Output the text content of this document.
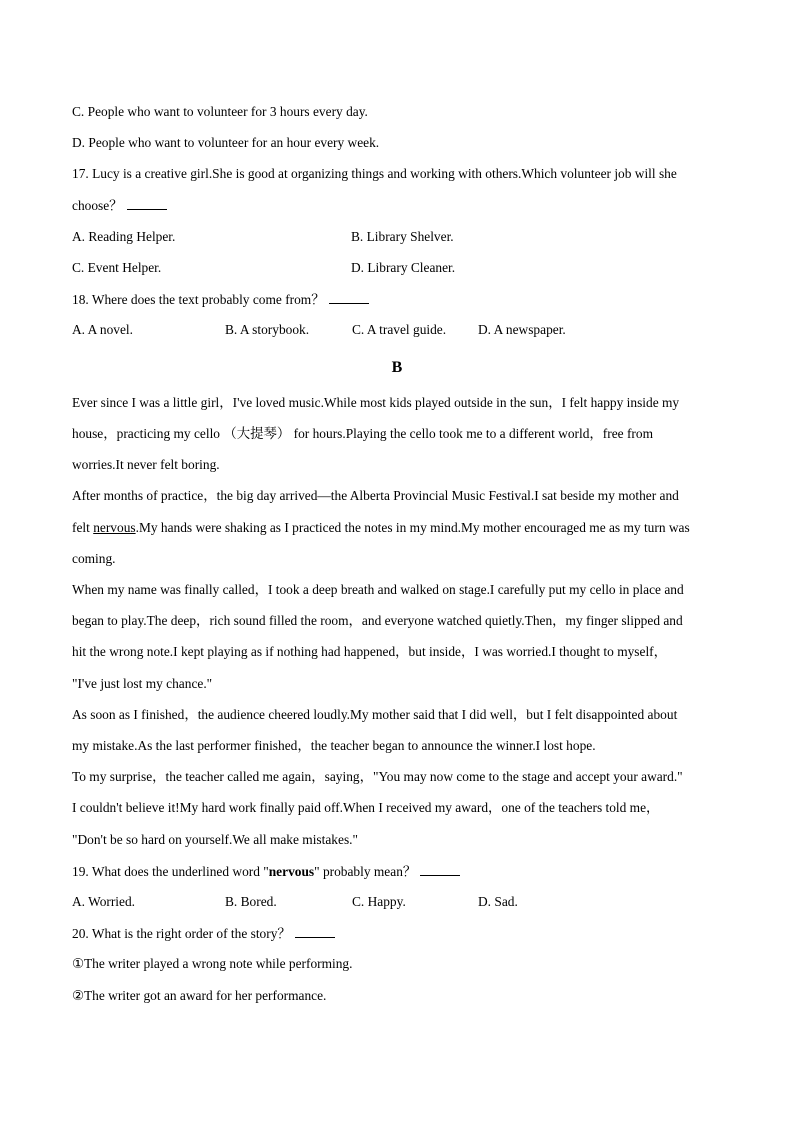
C. People who want to volunteer for 3 hours every day.
D. People who want to volunteer for an hour every week.
17. Lucy is a creative girl.She is good at organizing things and working with others.Which volunteer job will she
choose？
A. Reading Helper.	B. Library Shelver.
C. Event Helper.	D. Library Cleaner.
18. Where does the text probably come from？
A. A novel.	B. A storybook.	C. A travel guide. D. A newspaper.
B
Ever since I was a little girl，I've loved music.While most kids played outside in the sun，I felt happy inside my
house，practicing my cello （大提琴） for hours.Playing the cello took me to a different world，free from
worries.It never felt boring.
After months of practice，the big day arrived—the Alberta Provincial Music Festival.I sat beside my mother and
felt nervous.My hands were shaking as I practiced the notes in my mind.My mother encouraged me as my turn was
coming.
When my name was finally called，I took a deep breath and walked on stage.I carefully put my cello in place and
began to play.The deep，rich sound filled the room，and everyone watched quietly.Then，my finger slipped and
hit the wrong note.I kept playing as if nothing had happened，but inside，I was worried.I thought to myself，
"I've just lost my chance."
As soon as I finished，the audience cheered loudly.My mother said that I did well，but I felt disappointed about
my mistake.As the last performer finished，the teacher began to announce the winner.I lost hope.
To my surprise，the teacher called me again，saying，"You may now come to the stage and accept your award."
I couldn't believe it!My hard work finally paid off.When I received my award，one of the teachers told me，
"Don't be so hard on yourself.We all make mistakes."
19. What does the underlined word "nervous" probably mean？
A. Worried.	B. Bored.	C. Happy.	D. Sad.
20. What is the right order of the story？
①The writer played a wrong note while performing.
②The writer got an award for her performance.
